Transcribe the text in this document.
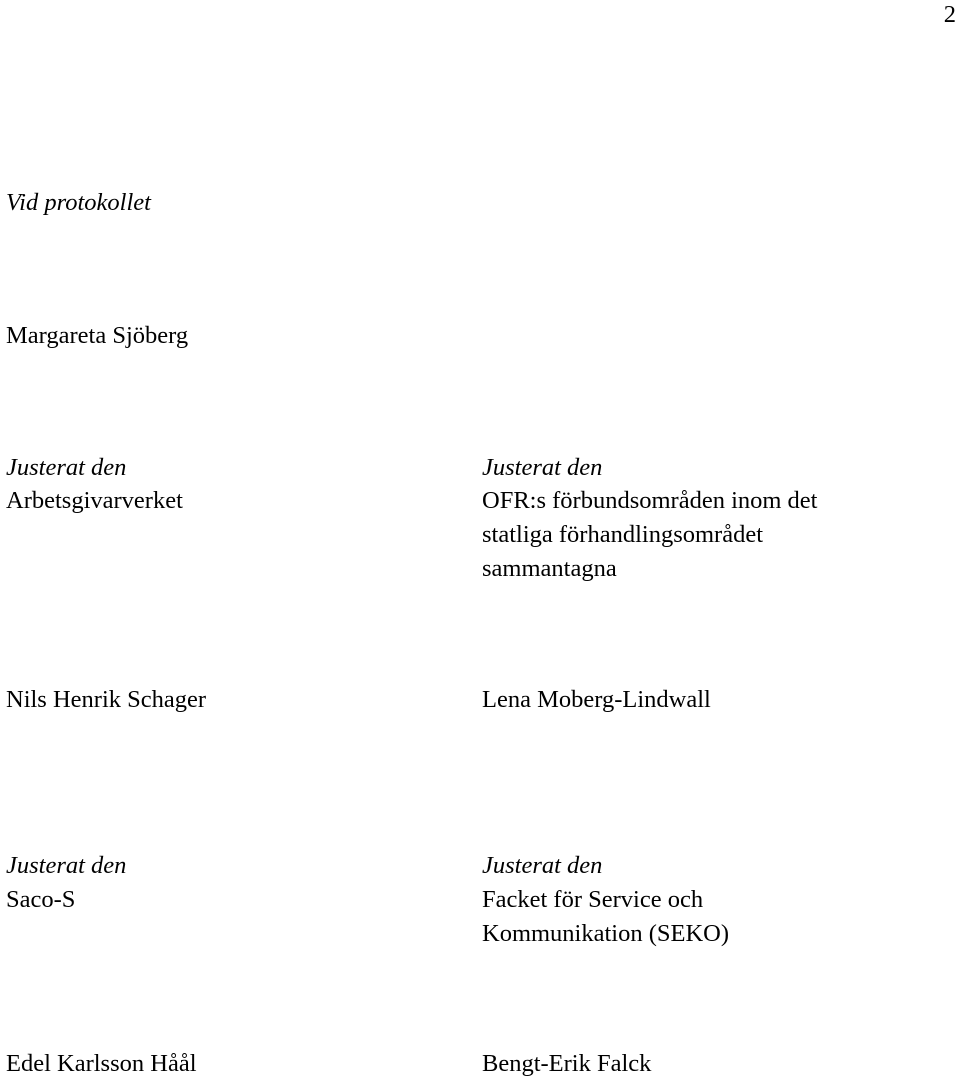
2
Vid protokollet
Margareta Sjöberg
Justerat den
Arbetsgivarverket
Justerat den
OFR:s förbundsområden inom det
statliga förhandlingsområdet
sammantagna
Nils Henrik Schager	Lena Moberg-Lindwall
Justerat den
Saco-S
Justerat den
Facket för Service och
Kommunikation (SEKO)
Edel Karlsson Håål	Bengt-Erik Falck
